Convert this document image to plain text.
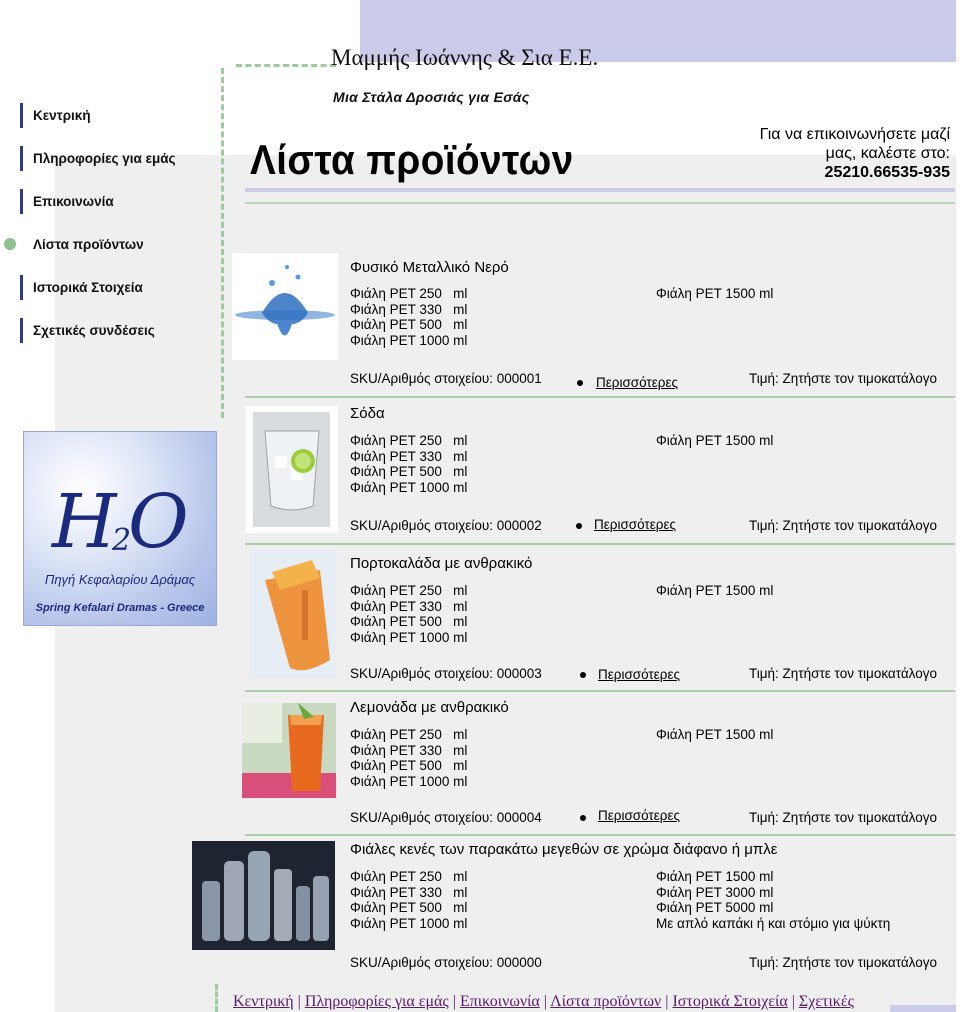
Μαμμής Ιωάννης & Σια Ε.Ε.
Μια Στάλα Δροσιάς για Εσάς
Λίστα προϊόντων
Για να επικοινωνήσετε μαζί
μας, καλέστε στο:
25210.66535-935
Κεντρική
Πληροφορίες για εμάς
Επικοινωνία
Λίστα προϊόντων
Ιστορικά Στοιχεία
Σχετικές συνδέσεις
H
2
O
Πηγή Κεφαλαρίου Δράμας
Spring Kefalari Dramas - Greece
Φυσικό Μεταλλικό Νερό
Φιάλη PET 250   ml
Φιάλη PET 330   ml
Φιάλη PET 500   ml
Φιάλη PET 1000 ml
Φιάλη PET 1500 ml
SKU/Αριθμός στοιχείου: 000001	Περισσότερες	Τιμή: Ζητήστε τον τιμοκατάλογο
Σόδα
Φιάλη PET 250   ml
Φιάλη PET 330   ml
Φιάλη PET 500   ml
Φιάλη PET 1000 ml
Φιάλη PET 1500 ml
SKU/Αριθμός στοιχείου: 000002	Περισσότερες	Τιμή: Ζητήστε τον τιμοκατάλογο
Πορτοκαλάδα με ανθρακικό
Φιάλη PET 250   ml
Φιάλη PET 330   ml
Φιάλη PET 500   ml
Φιάλη PET 1000 ml
Φιάλη PET 1500 ml
SKU/Αριθμός στοιχείου: 000003	Περισσότερες	Τιμή: Ζητήστε τον τιμοκατάλογο
Λεμονάδα με ανθρακικό
Φιάλη PET 250   ml
Φιάλη PET 330   ml
Φιάλη PET 500   ml
Φιάλη PET 1000 ml
Φιάλη PET 1500 ml
SKU/Αριθμός στοιχείου: 000004	Περισσότερες	Τιμή: Ζητήστε τον τιμοκατάλογο
Φιάλες κενές των παρακάτω μεγεθών σε χρώμα διάφανο ή μπλε
Φιάλη PET 250   ml
Φιάλη PET 330   ml
Φιάλη PET 500   ml
Φιάλη PET 1000 ml
Φιάλη PET 1500 ml
Φιάλη PET 3000 ml
Φιάλη PET 5000 ml
Με απλό καπάκι ή και στόμιο για ψύκτη
SKU/Αριθμός στοιχείου: 000000	Τιμή: Ζητήστε τον τιμοκατάλογο
Κεντρική | Πληροφορίες για εμάς | Επικοινωνία | Λίστα προϊόντων | Ιστορικά Στοιχεία | Σχετικές
